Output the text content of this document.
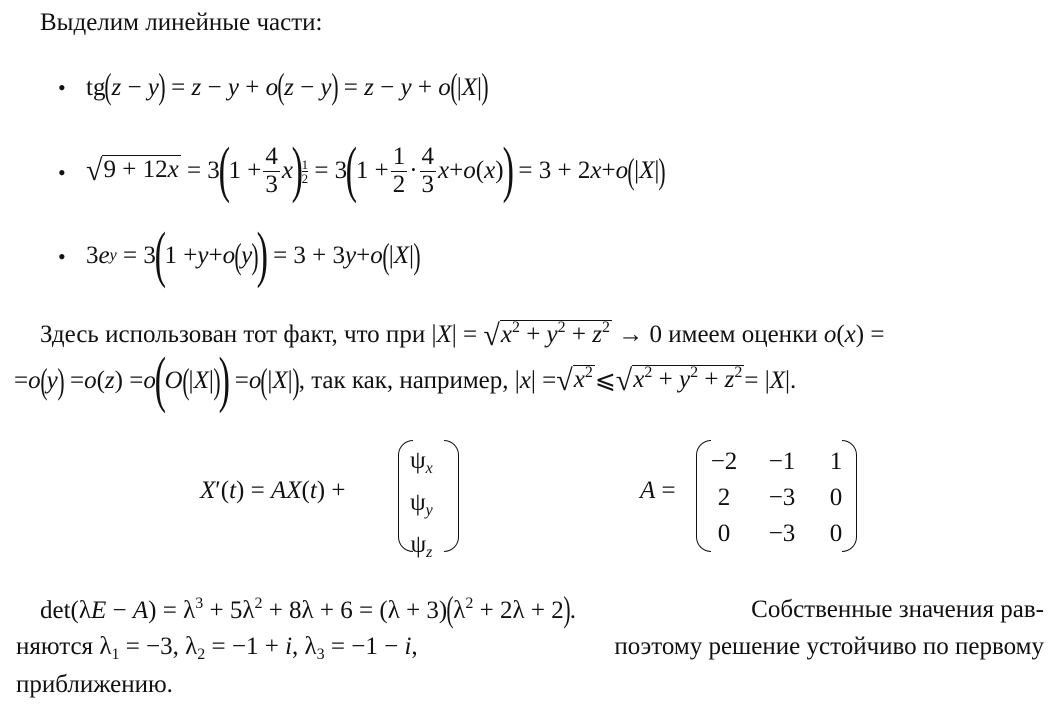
Выделим линейные части:
• tg(z − y) = z − y + o(z − y) = z − y + o(|X|)
• √9 + 12x = 3
(
$1 + \frac{4}{3}$ x
)
1
2 = 3
(
$1 + \frac{1}{2} \cdot \frac{4}{3}$ x + o ( x )
)
= 3 + 2 x + o ( | X | )
• 3 e y = 3
(
1 + y + o ( y )
)
= 3 + 3 y + o ( | X | )
Здесь использован тот факт, что при $|X| = √x^2 + y^2 + z^2 \to 0$ имеем оценки o(x) =
= o ( y ) = o ( z ) = o
(
O ( | X | )
)
= o ( | X | ) , так как, например, | x | = $√x^2$ ⩽ $√x^2 + y^2 + z^2$ = | X |.
X′(t) = AX(t) +
$\psi_x$
$\psi_y$
$\psi_z$
A =
−2 −1 1
2 −3 0
0 −3 0
$\det(\lambda E - A) = \lambda^3 + 5\lambda^2 + 8\lambda + 6 = (\lambda + 3)(\lambda^2 + 2\lambda + 2)$.	Собственные значения рав-
няются $\lambda_1 = -3$, $\lambda_2 = -1 + i$, $\lambda_3 = -1 - i$,	поэтому решение устойчиво по первому
приближению.
